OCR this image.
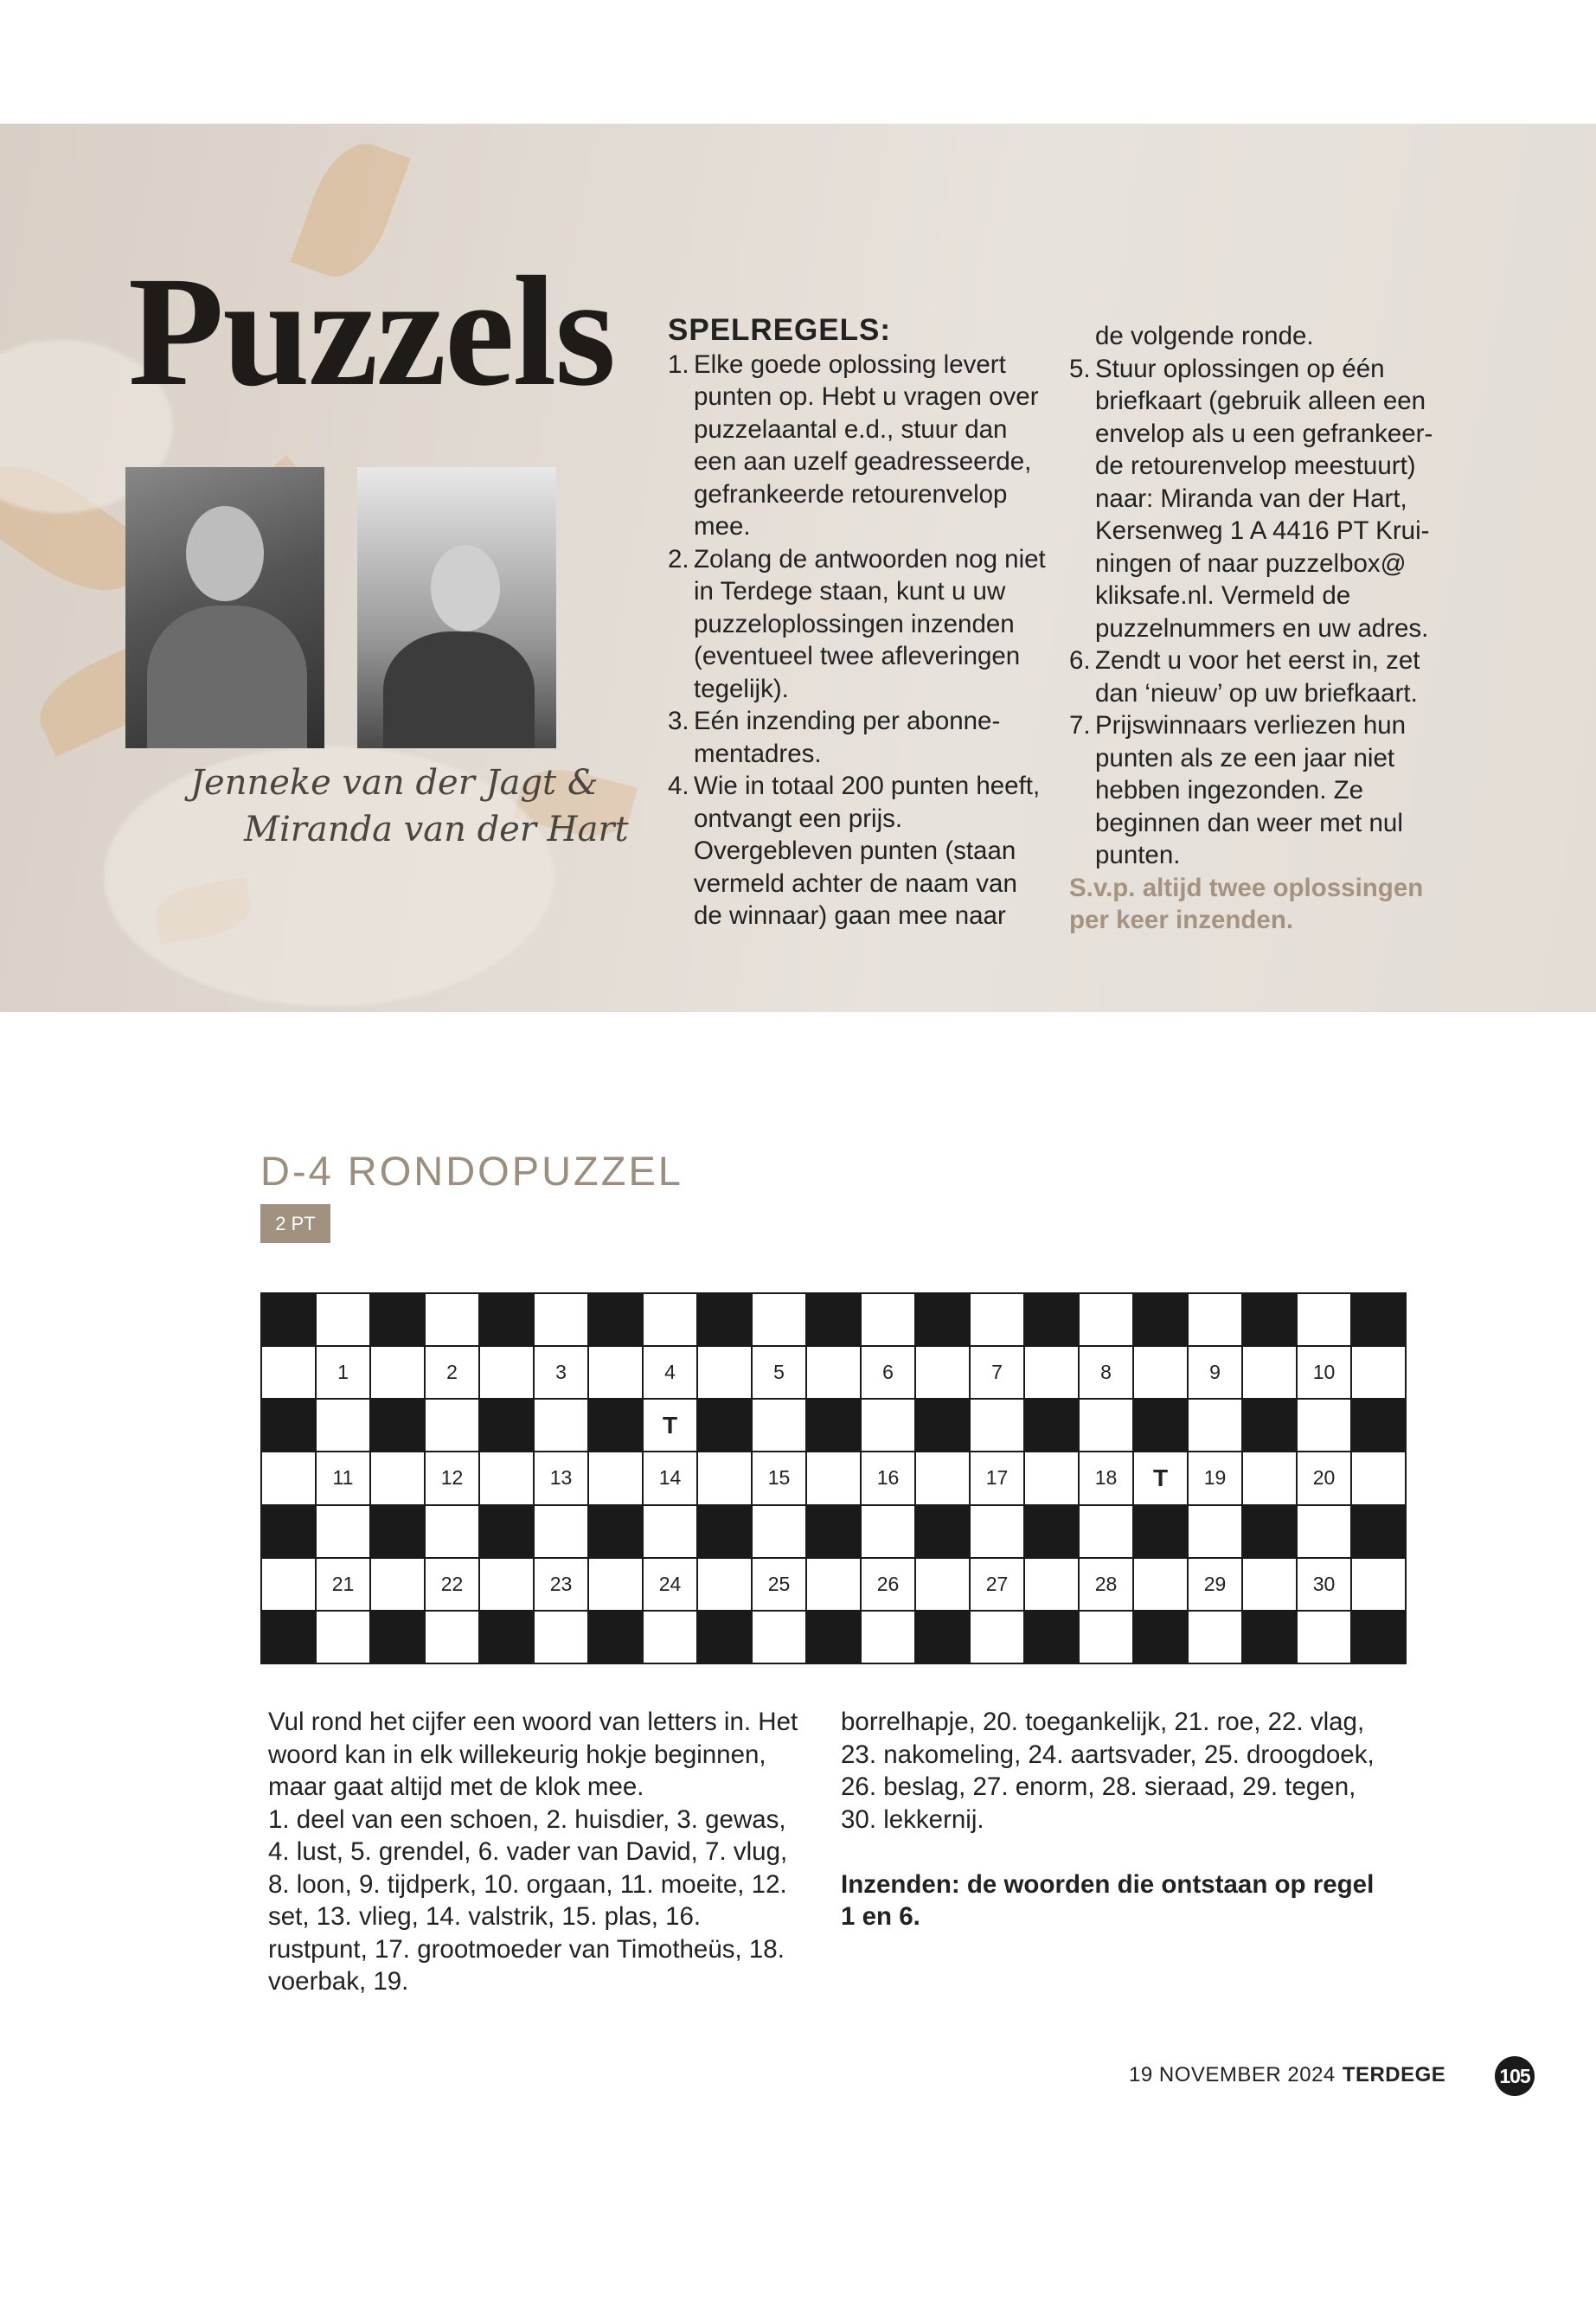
Puzzels
Jenneke van der Jagt &
Miranda van der Hart
SPELREGELS:
1. Elke goede oplossing levert punten op. Hebt u vragen over puzzelaantal e.d., stuur dan een aan uzelf geadresseerde, gefrankeerde retourenvelop mee.
2. Zolang de antwoorden nog niet in Terdege staan, kunt u uw puzzeloplossingen inzenden (eventueel twee afleveringen tegelijk).
3. Eén inzending per abonnementadres.
4. Wie in totaal 200 punten heeft, ontvangt een prijs. Overgebleven punten (staan vermeld achter de naam van de winnaar) gaan mee naar
de volgende ronde.
5. Stuur oplossingen op één briefkaart (gebruik alleen een envelop als u een gefrankeerde retourenvelop meestuurt) naar: Miranda van der Hart, Kersenweg 1 A 4416 PT Kruiningen of naar puzzelbox@ kliksafe.nl. Vermeld de puzzelnummers en uw adres.
6. Zendt u voor het eerst in, zet dan ‘nieuw’ op uw briefkaart.
7. Prijswinnaars verliezen hun punten als ze een jaar niet hebben ingezonden. Ze beginnen dan weer met nul punten.
S.v.p. altijd twee oplossingen per keer inzenden.
D-4 RONDOPUZZEL
2 PT

	1		2		3		4		5		6		7		8		9		10	
							T													
	11		12		13		14		15		16		17		18	T	19		20	

	21		22		23		24		25		26		27		28		29		30	

Vul rond het cijfer een woord van letters in. Het woord kan in elk willekeurig hokje beginnen, maar gaat altijd met de klok mee.

1. deel van een schoen, 2. huisdier, 3. gewas, 4. lust, 5. grendel, 6. vader van David, 7. vlug, 8. loon, 9. tijdperk, 10. orgaan, 11. moeite, 12. set, 13. vlieg, 14. valstrik, 15. plas, 16. rustpunt, 17. grootmoeder van Timotheüs, 18. voerbak, 19.

borrelhapje, 20. toegankelijk, 21. roe, 22. vlag, 23. nakomeling, 24. aartsvader, 25. droogdoek, 26. beslag, 27. enorm, 28. sieraad, 29. tegen, 30. lekkernij.

Inzenden: de woorden die ontstaan op regel 1 en 6.

19 NOVEMBER 2024 TERDEGE	105
